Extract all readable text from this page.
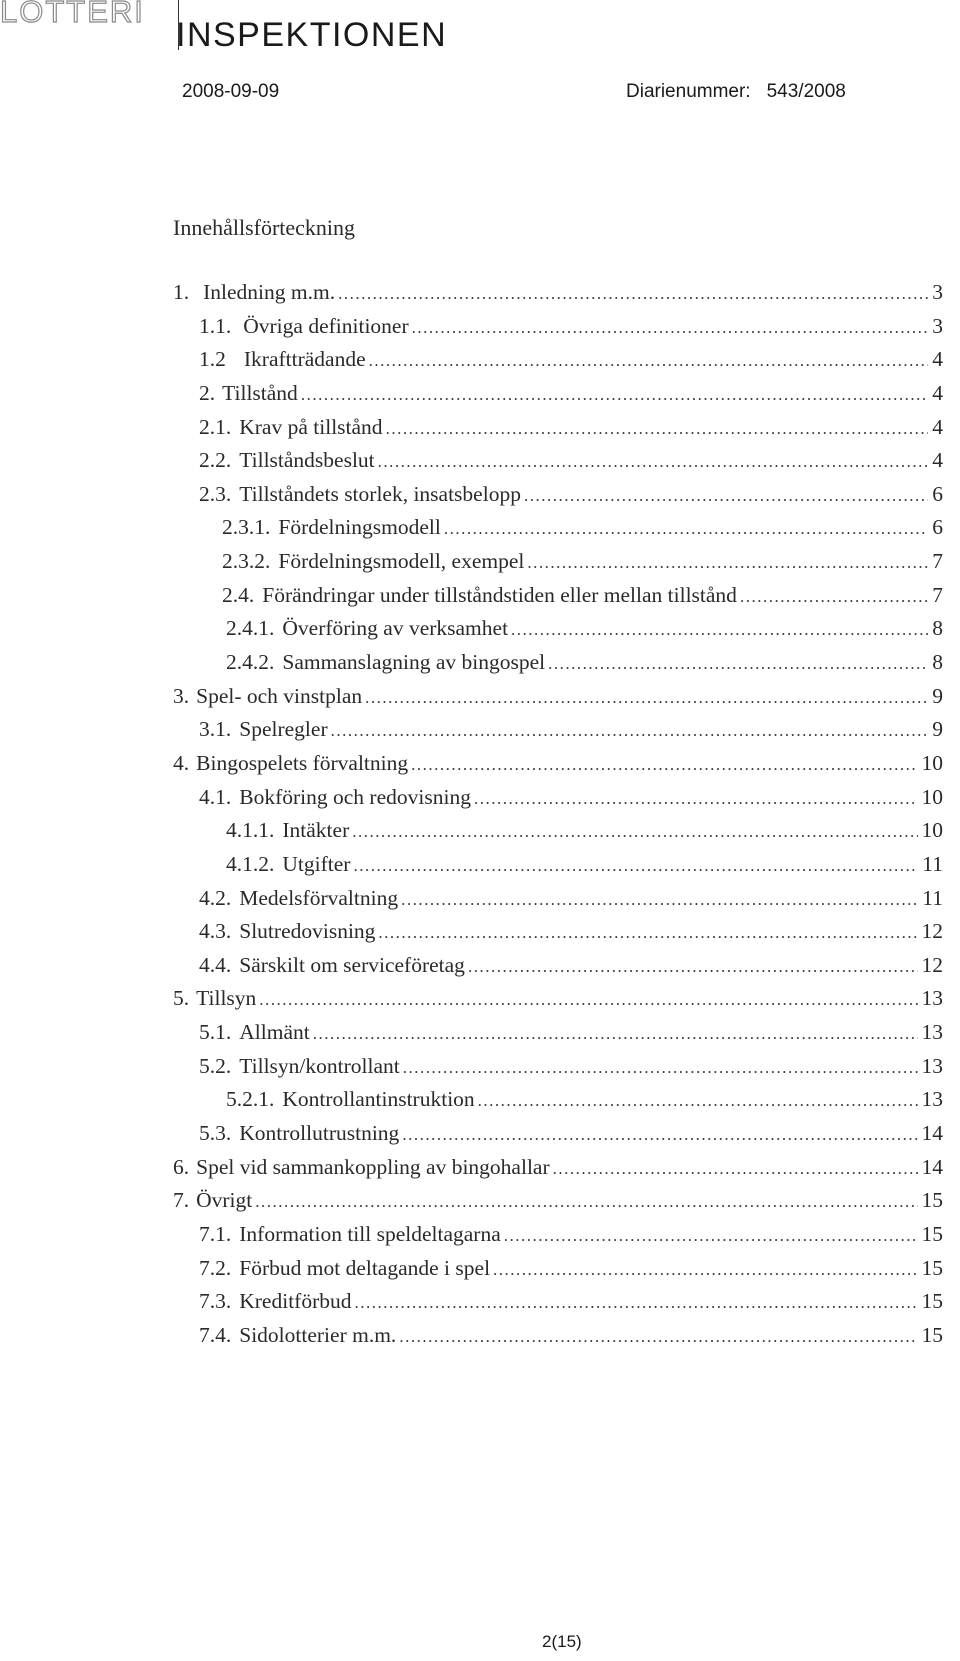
LOTTERI
INSPEKTIONEN
2008-09-09	Diarienummer: 543/2008
Innehållsförteckning
1. Inledning m.m. .....	3
1.1. Övriga definitioner .....	3
1.2 Ikraftträdande .....	4
2. Tillstånd .....	4
2.1. Krav på tillstånd .....	4
2.2. Tillståndsbeslut .....	4
2.3. Tillståndets storlek, insatsbelopp .....	6
2.3.1. Fördelningsmodell .....	6
2.3.2. Fördelningsmodell, exempel .....	7
2.4. Förändringar under tillståndstiden eller mellan tillstånd .....	7
2.4.1. Överföring av verksamhet .....	8
2.4.2. Sammanslagning av bingospel .....	8
3. Spel- och vinstplan .....	9
3.1. Spelregler .....	9
4. Bingospelets förvaltning .....	10
4.1. Bokföring och redovisning .....	10
4.1.1. Intäkter .....	10
4.1.2. Utgifter .....	11
4.2. Medelsförvaltning .....	11
4.3. Slutredovisning .....	12
4.4. Särskilt om serviceföretag .....	12
5. Tillsyn .....	13
5.1. Allmänt .....	13
5.2. Tillsyn/kontrollant .....	13
5.2.1. Kontrollantinstruktion .....	13
5.3. Kontrollutrustning .....	14
6. Spel vid sammankoppling av bingohallar .....	14
7. Övrigt .....	15
7.1. Information till speldeltagarna .....	15
7.2. Förbud mot deltagande i spel .....	15
7.3. Kreditförbud .....	15
7.4. Sidolotterier m.m. .....	15
2(15)
